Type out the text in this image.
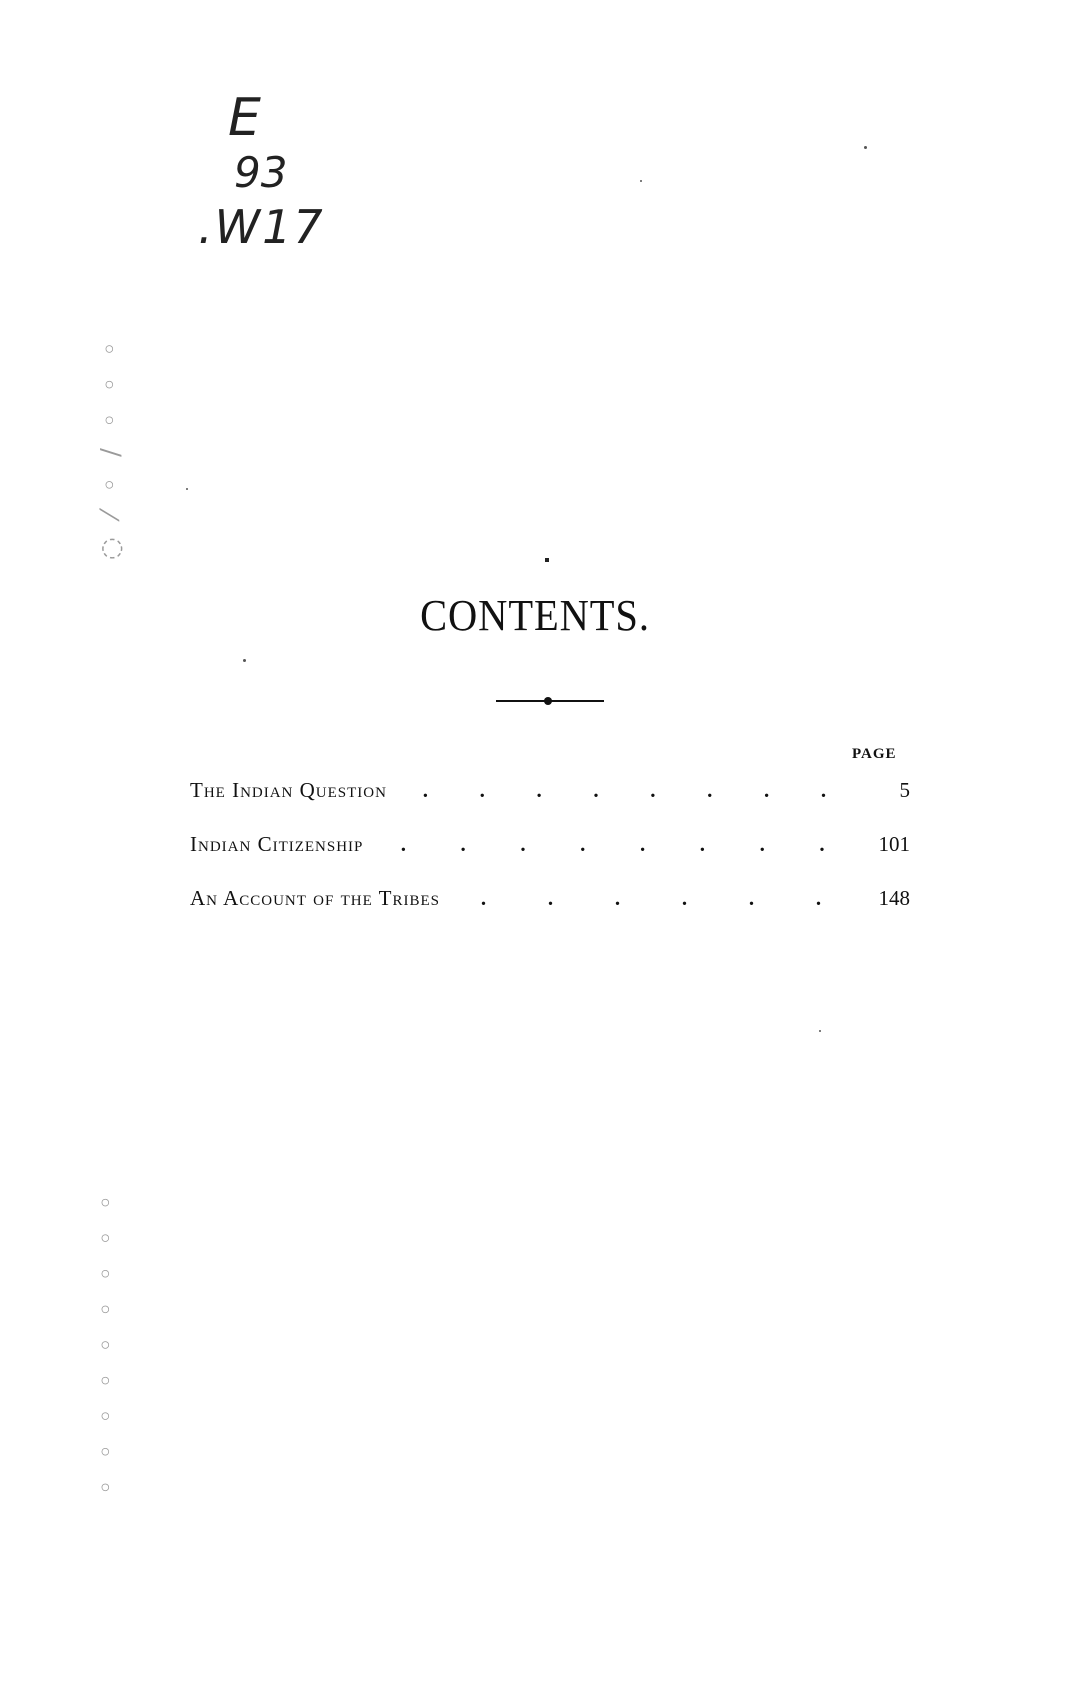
E
93
.W17
◌ ⁄ ◦ ∕ ◦ ◦ ◦
◦ ◦ ◦ ◦ ◦ ◦ ◦ ◦ ◦
CONTENTS.
PAGE
The Indian Question . . . . . . . .	5
Indian Citizenship .	.	.	.	.	.	.	.	101
An Account of the Tribes .	.	.	.	.	.	148
